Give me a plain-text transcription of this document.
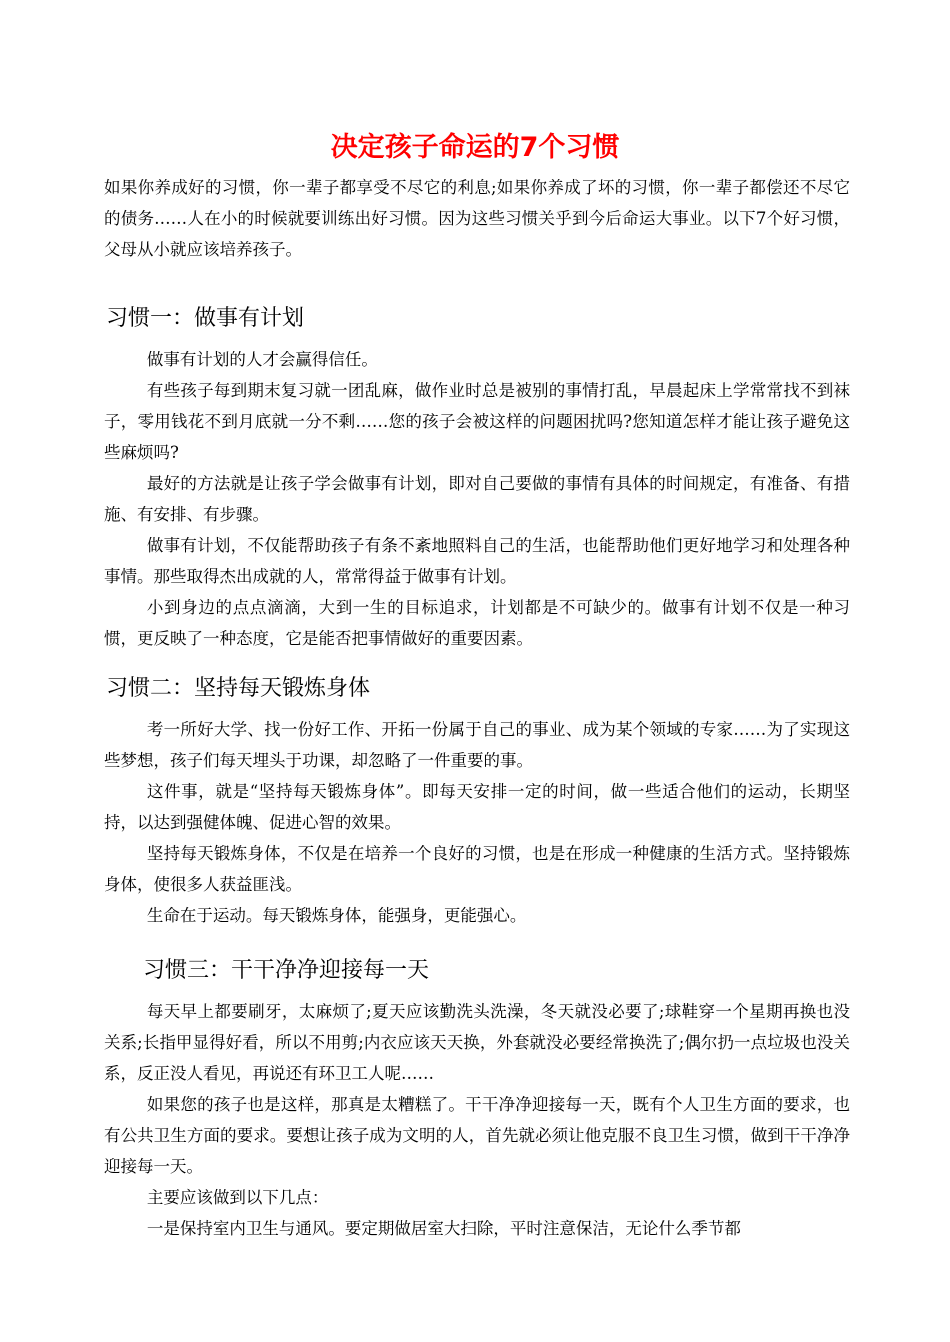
决定孩子命运的7个习惯

如果你养成好的习惯，你一辈子都享受不尽它的利息;如果你养成了坏的习惯，你一辈子都偿还不尽它的债务……人在小的时候就要训练出好习惯。因为这些习惯关乎到今后命运大事业。以下7个好习惯，父母从小就应该培养孩子。

习惯一：做事有计划

做事有计划的人才会赢得信任。

有些孩子每到期末复习就一团乱麻，做作业时总是被别的事情打乱，早晨起床上学常常找不到袜子，零用钱花不到月底就一分不剩……您的孩子会被这样的问题困扰吗?您知道怎样才能让孩子避免这些麻烦吗?

最好的方法就是让孩子学会做事有计划，即对自己要做的事情有具体的时间规定，有准备、有措施、有安排、有步骤。

做事有计划，不仅能帮助孩子有条不紊地照料自己的生活，也能帮助他们更好地学习和处理各种事情。那些取得杰出成就的人，常常得益于做事有计划。

小到身边的点点滴滴，大到一生的目标追求，计划都是不可缺少的。做事有计划不仅是一种习惯，更反映了一种态度，它是能否把事情做好的重要因素。

习惯二：坚持每天锻炼身体

考一所好大学、找一份好工作、开拓一份属于自己的事业、成为某个领域的专家……为了实现这些梦想，孩子们每天埋头于功课，却忽略了一件重要的事。

这件事，就是“坚持每天锻炼身体”。即每天安排一定的时间，做一些适合他们的运动，长期坚持，以达到强健体魄、促进心智的效果。

坚持每天锻炼身体，不仅是在培养一个良好的习惯，也是在形成一种健康的生活方式。坚持锻炼身体，使很多人获益匪浅。

生命在于运动。每天锻炼身体，能强身，更能强心。

习惯三：干干净净迎接每一天

每天早上都要刷牙，太麻烦了;夏天应该勤洗头洗澡，冬天就没必要了;球鞋穿一个星期再换也没关系;长指甲显得好看，所以不用剪;内衣应该天天换，外套就没必要经常换洗了;偶尔扔一点垃圾也没关系，反正没人看见，再说还有环卫工人呢……

如果您的孩子也是这样，那真是太糟糕了。干干净净迎接每一天，既有个人卫生方面的要求，也有公共卫生方面的要求。要想让孩子成为文明的人，首先就必须让他克服不良卫生习惯，做到干干净净迎接每一天。

主要应该做到以下几点：

一是保持室内卫生与通风。要定期做居室大扫除，平时注意保洁，无论什么季节都
